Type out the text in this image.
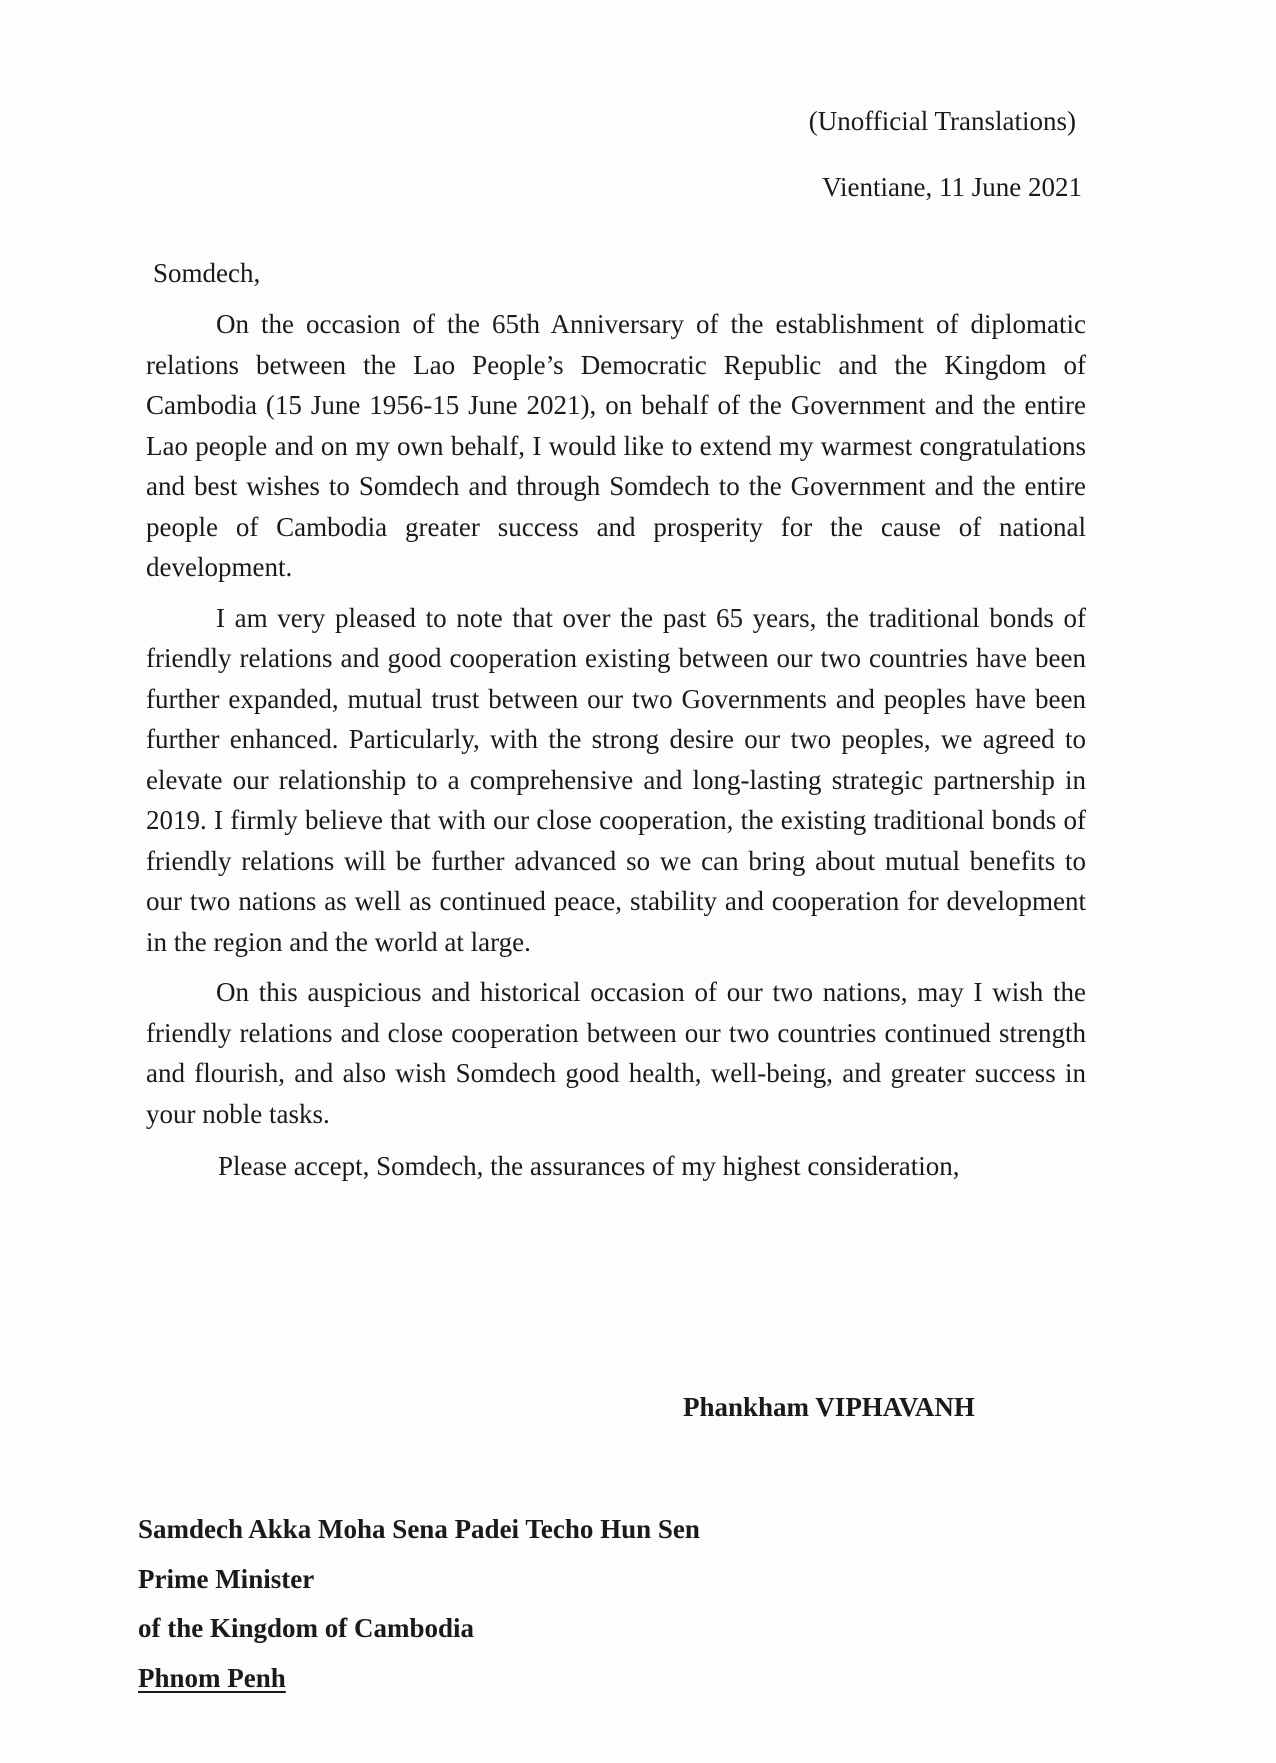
(Unofficial Translations)
Vientiane, 11 June 2021
Somdech,

On the occasion of the 65th Anniversary of the establishment of diplomatic relations between the Lao People’s Democratic Republic and the Kingdom of Cambodia (15 June 1956-15 June 2021), on behalf of the Government and the entire Lao people and on my own behalf, I would like to extend my warmest congratulations and best wishes to Somdech and through Somdech to the Government and the entire people of Cambodia greater success and prosperity for the cause of national development.

I am very pleased to note that over the past 65 years, the traditional bonds of friendly relations and good cooperation existing between our two countries have been further expanded, mutual trust between our two Governments and peoples have been further enhanced. Particularly, with the strong desire our two peoples, we agreed to elevate our relationship to a comprehensive and long-lasting strategic partnership in 2019. I firmly believe that with our close cooperation, the existing traditional bonds of friendly relations will be further advanced so we can bring about mutual benefits to our two nations as well as continued peace, stability and cooperation for development in the region and the world at large.

On this auspicious and historical occasion of our two nations, may I wish the friendly relations and close cooperation between our two countries continued strength and flourish, and also wish Somdech good health, well-being, and greater success in your noble tasks.

Please accept, Somdech, the assurances of my highest consideration,

Phankham VIPHAVANH
Samdech Akka Moha Sena Padei Techo Hun Sen
Prime Minister
of the Kingdom of Cambodia
Phnom Penh
